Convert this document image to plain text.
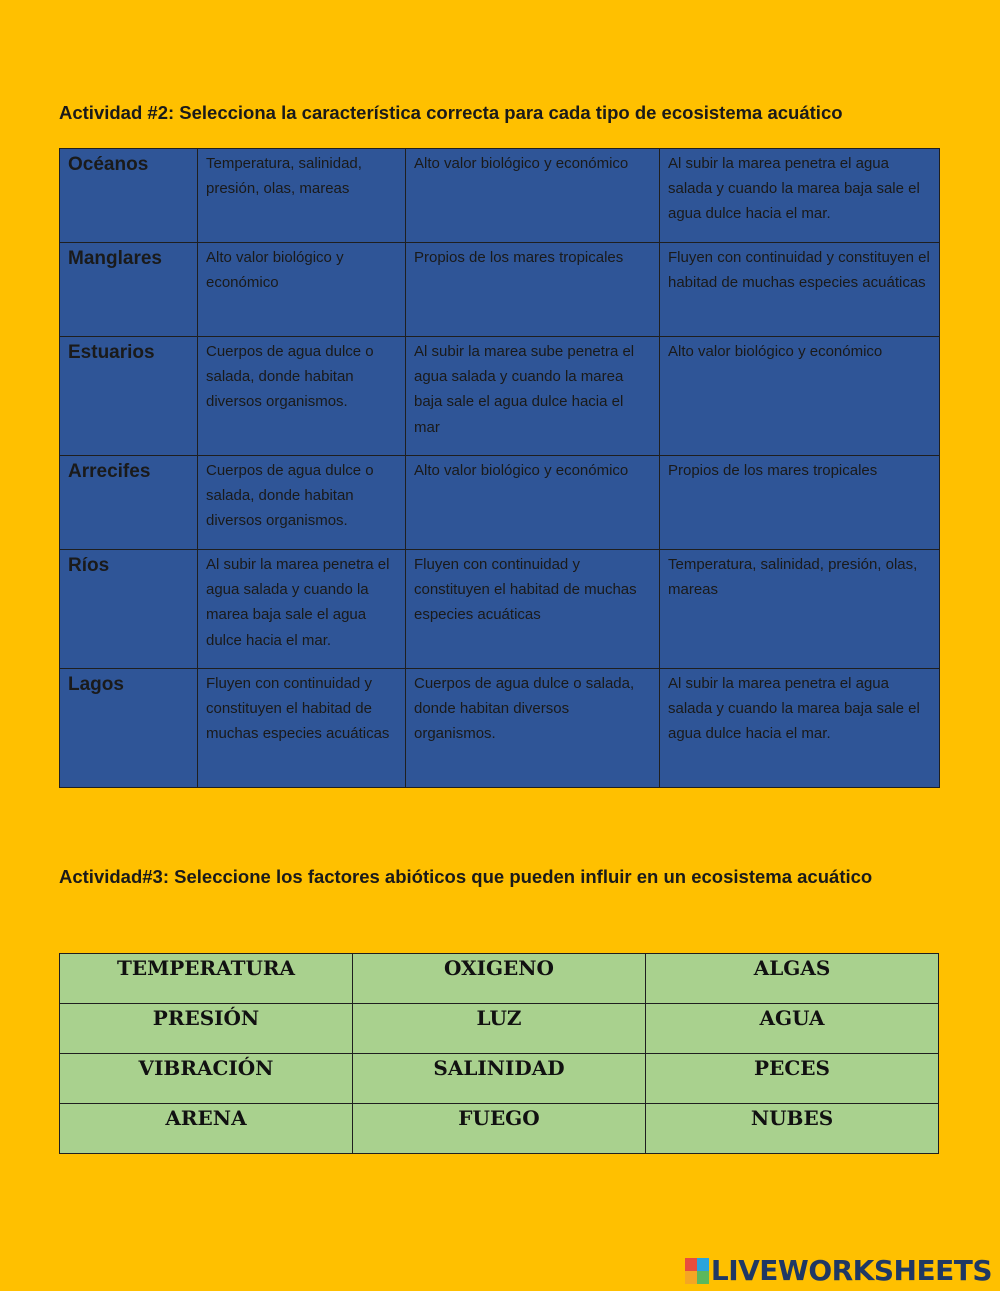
Actividad #2: Selecciona la característica correcta para cada tipo de ecosistema acuático
Océanos	Temperatura, salinidad, presión, olas, mareas	Alto valor biológico y económico	Al subir la marea penetra el agua salada y cuando la marea baja sale el agua dulce hacia el mar.
Manglares	Alto valor biológico y económico	Propios de los mares tropicales	Fluyen con continuidad y constituyen el habitad de muchas especies acuáticas
Estuarios	Cuerpos de agua dulce o salada, donde habitan diversos organismos.	Al subir la marea sube penetra el agua salada y cuando la marea baja sale el agua dulce hacia el mar	Alto valor biológico y económico
Arrecifes	Cuerpos de agua dulce o salada, donde habitan diversos organismos.	Alto valor biológico y económico	Propios de los mares tropicales
Ríos	Al subir la marea penetra el agua salada y cuando la marea baja sale el agua dulce hacia el mar.	Fluyen con continuidad y constituyen el habitad de muchas especies acuáticas	Temperatura, salinidad, presión, olas, mareas
Lagos	Fluyen con continuidad y constituyen el habitad de muchas especies acuáticas	Cuerpos de agua dulce o salada, donde habitan diversos organismos.	Al subir la marea penetra el agua salada y cuando la marea baja sale el agua dulce hacia el mar.
Actividad#3: Seleccione los factores abióticos que pueden influir en un ecosistema acuático
TEMPERATURA	OXIGENO	ALGAS
PRESIÓN	LUZ	AGUA
VIBRACIÓN	SALINIDAD	PECES
ARENA	FUEGO	NUBES
LIVEWORKSHEETS
